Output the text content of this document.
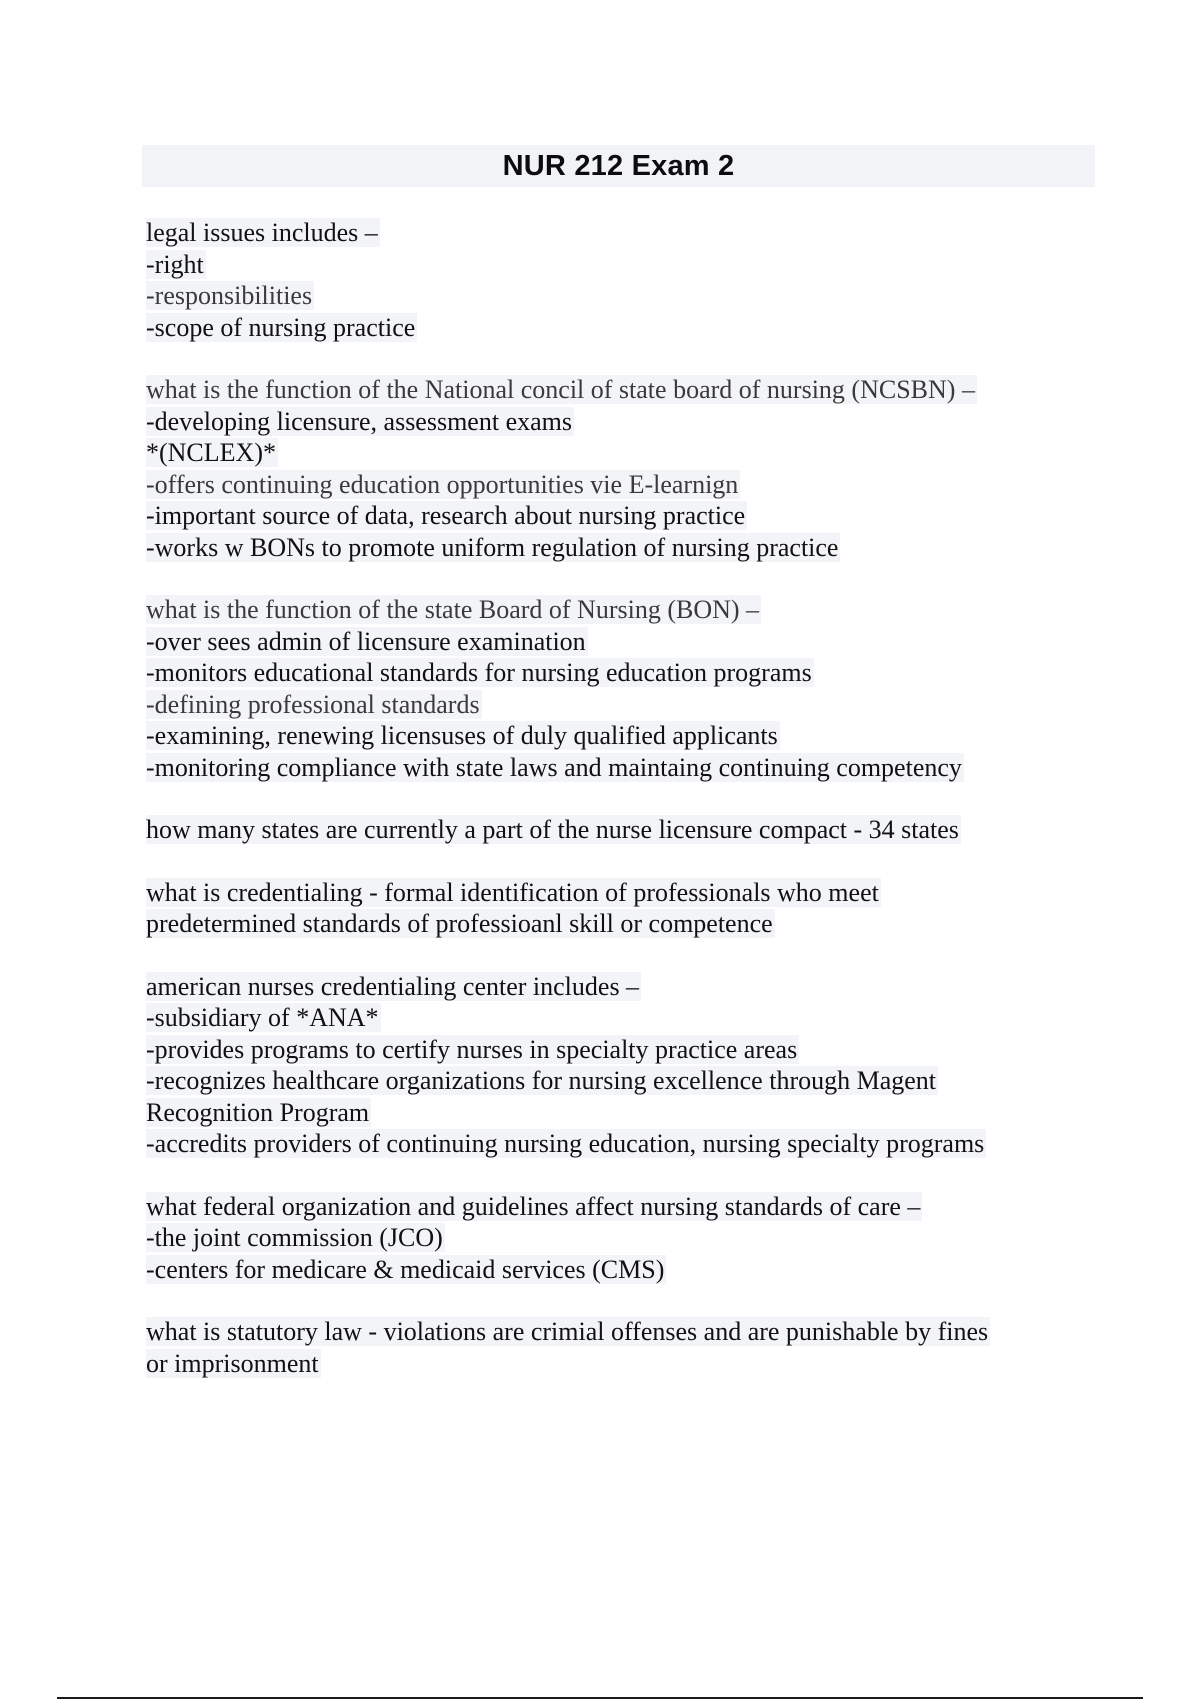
NUR 212 Exam 2
legal issues includes –
-right
-responsibilities
-scope of nursing practice
what is the function of the National concil of state board of nursing (NCSBN) –
-developing licensure, assessment exams
*(NCLEX)*
-offers continuing education opportunities vie E-learnign
-important source of data, research about nursing practice
-works w BONs to promote uniform regulation of nursing practice
what is the function of the state Board of Nursing (BON) –
-over sees admin of licensure examination
-monitors educational standards for nursing education programs
-defining professional standards
-examining, renewing licensuses of duly qualified applicants
-monitoring compliance with state laws and maintaing continuing competency
how many states are currently a part of the nurse licensure compact - 34 states
what is credentialing - formal identification of professionals who meet
predetermined standards of professioanl skill or competence
american nurses credentialing center includes –
-subsidiary of *ANA*
-provides programs to certify nurses in specialty practice areas
-recognizes healthcare organizations for nursing excellence through Magent
Recognition Program
-accredits providers of continuing nursing education, nursing specialty programs
what federal organization and guidelines affect nursing standards of care –
-the joint commission (JCO)
-centers for medicare & medicaid services (CMS)
what is statutory law - violations are crimial offenses and are punishable by fines
or imprisonment
